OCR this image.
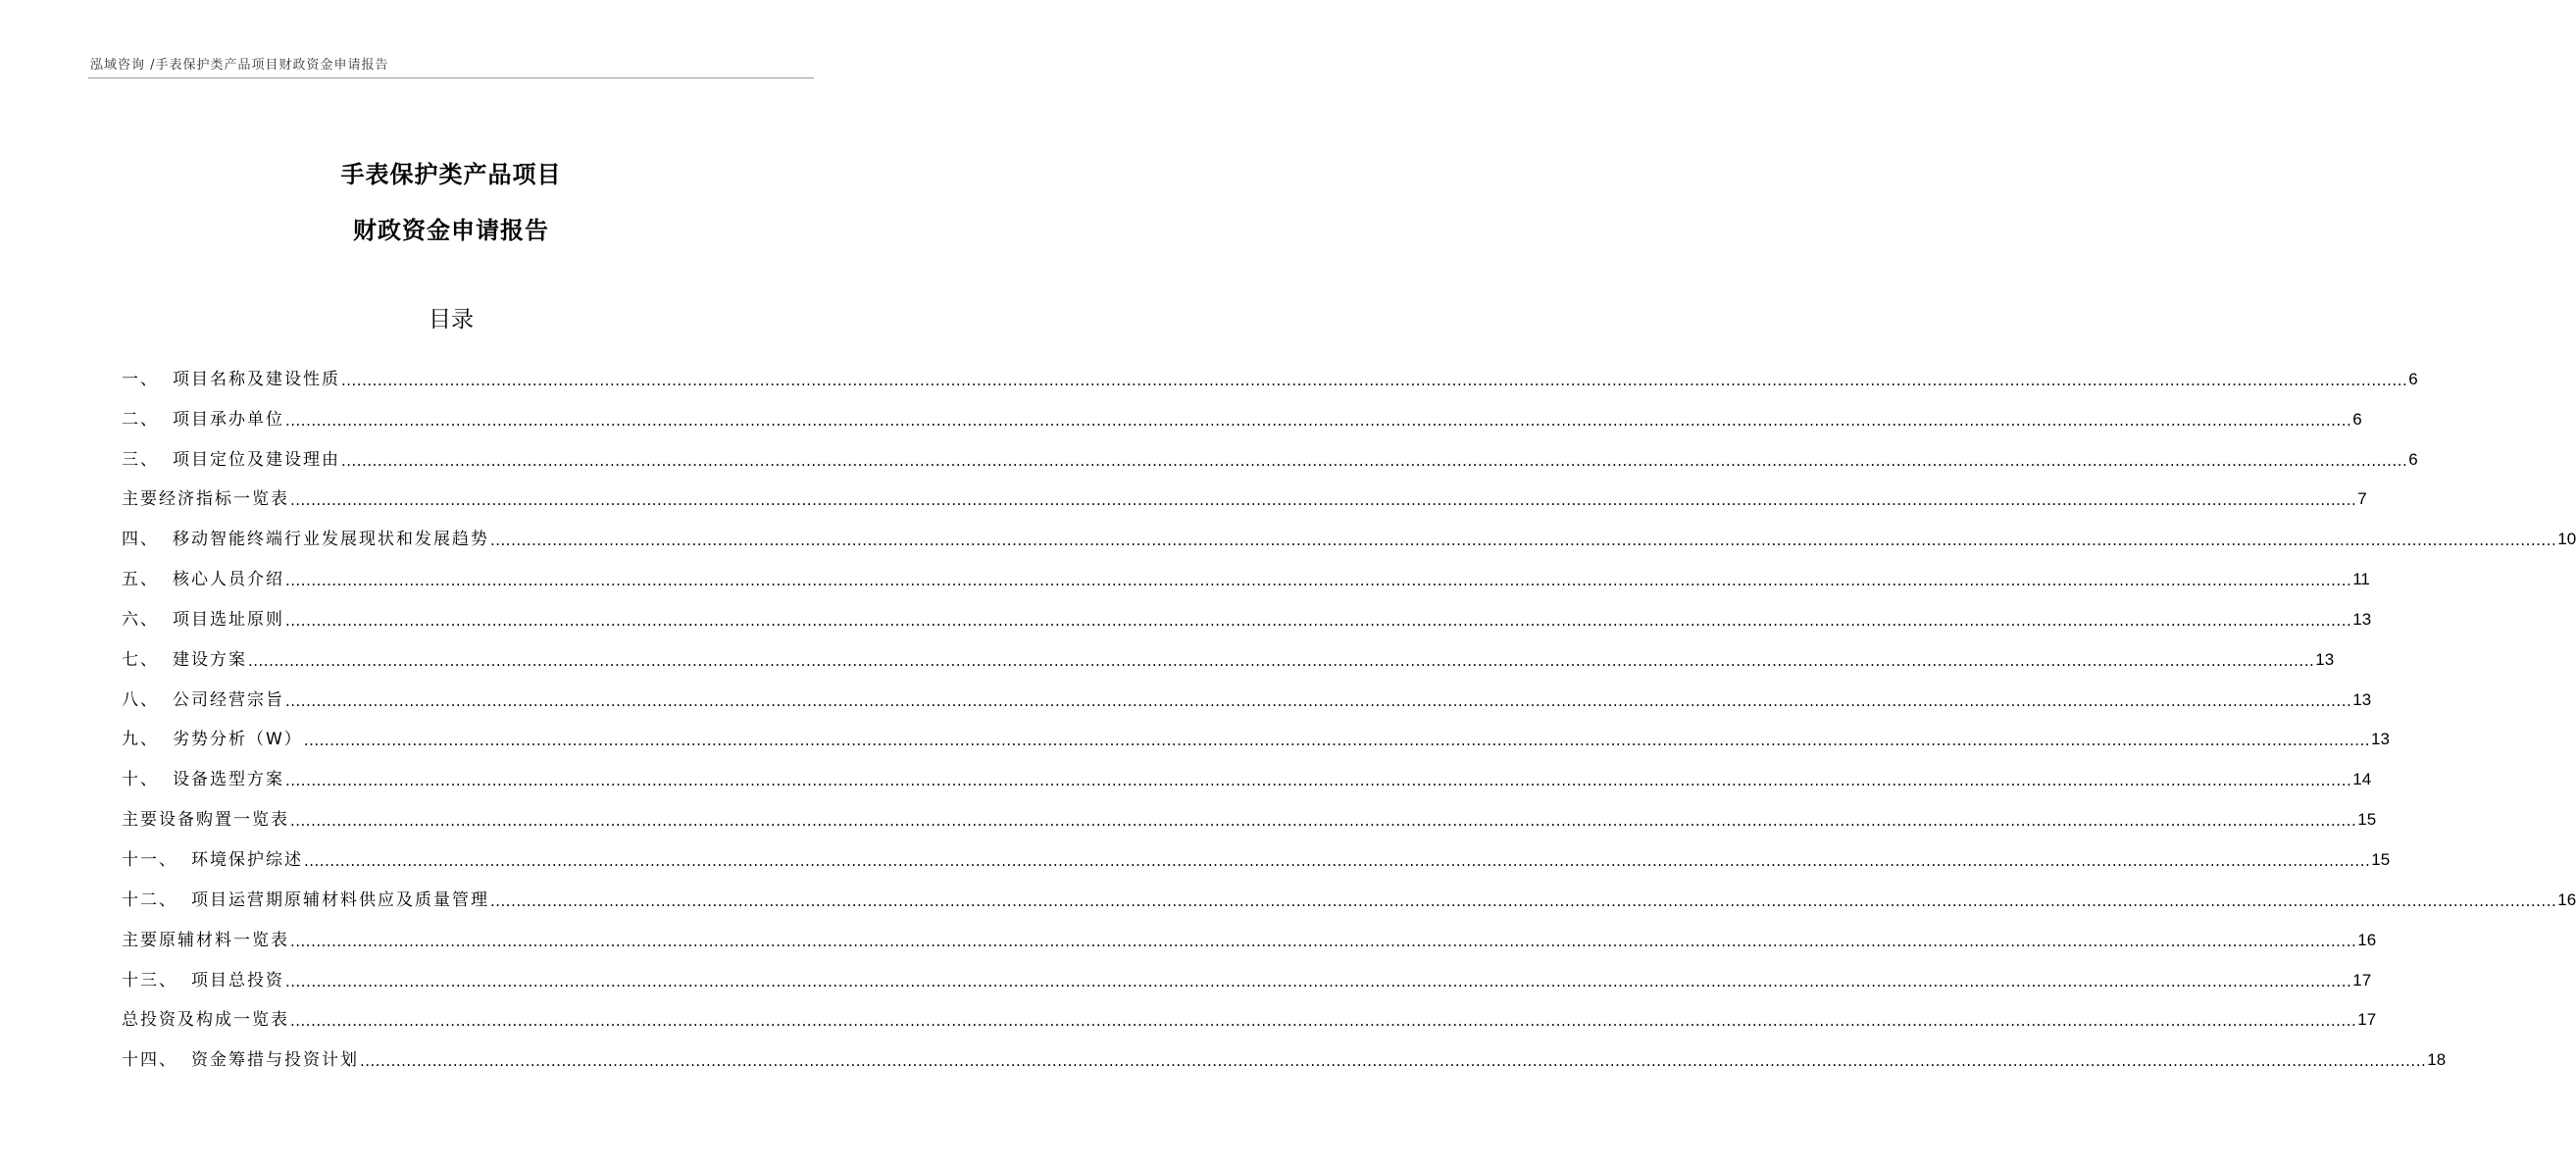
泓域咨询 /手表保护类产品项目财政资金申请报告
手表保护类产品项目
财政资金申请报告
目录
一、 项目名称及建设性质 ................................................................................................................................................................................................................................................................................................................................................................................................................ 6
二、 项目承办单位 ................................................................................................................................................................................................................................................................................................................................................................................................................ 6
三、 项目定位及建设理由 ................................................................................................................................................................................................................................................................................................................................................................................................................ 6
主要经济指标一览表 ................................................................................................................................................................................................................................................................................................................................................................................................................ 7
四、 移动智能终端行业发展现状和发展趋势 ................................................................................................................................................................................................................................................................................................................................................................................................................ 10
五、 核心人员介绍 ................................................................................................................................................................................................................................................................................................................................................................................................................ 11
六、 项目选址原则 ................................................................................................................................................................................................................................................................................................................................................................................................................ 13
七、 建设方案 ................................................................................................................................................................................................................................................................................................................................................................................................................ 13
八、 公司经营宗旨 ................................................................................................................................................................................................................................................................................................................................................................................................................ 13
九、 劣势分析（W） ................................................................................................................................................................................................................................................................................................................................................................................................................ 13
十、 设备选型方案 ................................................................................................................................................................................................................................................................................................................................................................................................................ 14
主要设备购置一览表 ................................................................................................................................................................................................................................................................................................................................................................................................................ 15
十一、 环境保护综述 ................................................................................................................................................................................................................................................................................................................................................................................................................ 15
十二、 项目运营期原辅材料供应及质量管理 ................................................................................................................................................................................................................................................................................................................................................................................................................ 16
主要原辅材料一览表 ................................................................................................................................................................................................................................................................................................................................................................................................................ 16
十三、 项目总投资 ................................................................................................................................................................................................................................................................................................................................................................................................................ 17
总投资及构成一览表 ................................................................................................................................................................................................................................................................................................................................................................................................................ 17
十四、 资金筹措与投资计划 ................................................................................................................................................................................................................................................................................................................................................................................................................ 18
